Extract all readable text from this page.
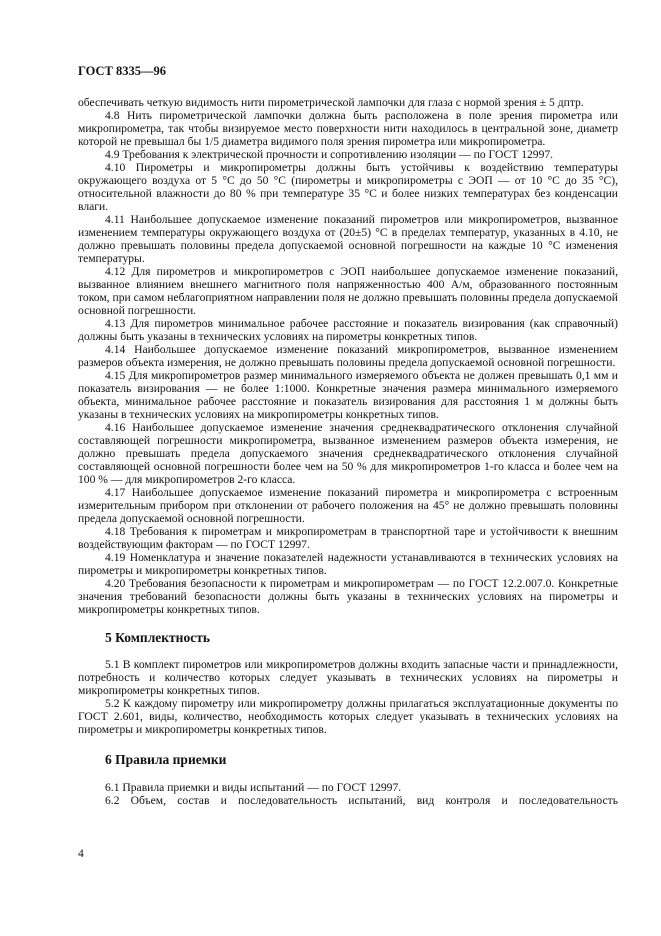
ГОСТ 8335—96

обеспечивать четкую видимость нити пирометрической лампочки для глаза с нормой зрения ± 5 дптр.

4.8 Нить пирометрической лампочки должна быть расположена в поле зрения пирометра или микропирометра, так чтобы визируемое место поверхности нити находилось в центральной зоне, диаметр которой не превышал бы 1/5 диаметра видимого поля зрения пирометра или микропирометра.

4.9 Требования к электрической прочности и сопротивлению изоляции — по ГОСТ 12997.

4.10 Пирометры и микропирометры должны быть устойчивы к воздействию температуры окружающего воздуха от 5 °С до 50 °С (пирометры и микропирометры с ЭОП — от 10 °С до 35 °С), относительной влажности до 80 % при температуре 35 °С и более низких температурах без конденсации влаги.

4.11 Наибольшее допускаемое изменение показаний пирометров или микропирометров, вызванное изменением температуры окружающего воздуха от (20±5) °С в пределах температур, указанных в 4.10, не должно превышать половины предела допускаемой основной погрешности на каждые 10 °С изменения температуры.

4.12 Для пирометров и микропирометров с ЭОП наибольшее допускаемое изменение показаний, вызванное влиянием внешнего магнитного поля напряженностью 400 А/м, образованного постоянным током, при самом неблагоприятном направлении поля не должно превышать половины предела допускаемой основной погрешности.

4.13 Для пирометров минимальное рабочее расстояние и показатель визирования (как справочный) должны быть указаны в технических условиях на пирометры конкретных типов.

4.14 Наибольшее допускаемое изменение показаний микропирометров, вызванное изменением размеров объекта измерения, не должно превышать половины предела допускаемой основной погрешности.

4.15 Для микропирометров размер минимального измеряемого объекта не должен превышать 0,1 мм и показатель визирования — не более 1:1000. Конкретные значения размера минимального измеряемого объекта, минимальное рабочее расстояние и показатель визирования для расстояния 1 м должны быть указаны в технических условиях на микропирометры конкретных типов.

4.16 Наибольшее допускаемое изменение значения среднеквадратического отклонения случайной составляющей погрешности микропирометра, вызванное изменением размеров объекта измерения, не должно превышать предела допускаемого значения среднеквадратического отклонения случайной составляющей основной погрешности более чем на 50 % для микропирометров 1-го класса и более чем на 100 % — для микропирометров 2-го класса.

4.17 Наибольшее допускаемое изменение показаний пирометра и микропирометра с встроенным измерительным прибором при отклонении от рабочего положения на 45° не должно превышать половины предела допускаемой основной погрешности.

4.18 Требования к пирометрам и микропирометрам в транспортной таре и устойчивости к внешним воздействующим факторам — по ГОСТ 12997.

4.19 Номенклатура и значение показателей надежности устанавливаются в технических условиях на пирометры и микропирометры конкретных типов.

4.20 Требования безопасности к пирометрам и микропирометрам — по ГОСТ 12.2.007.0. Конкретные значения требований безопасности должны быть указаны в технических условиях на пирометры и микропирометры конкретных типов.

5 Комплектность

5.1 В комплект пирометров или микропирометров должны входить запасные части и принадлежности, потребность и количество которых следует указывать в технических условиях на пирометры и микропирометры конкретных типов.

5.2 К каждому пирометру или микропирометру должны прилагаться эксплуатационные документы по ГОСТ 2.601, виды, количество, необходимость которых следует указывать в технических условиях на пирометры и микропирометры конкретных типов.

6 Правила приемки

6.1 Правила приемки и виды испытаний — по ГОСТ 12997.

6.2 Объем, состав и последовательность испытаний, вид контроля и последовательность

4
